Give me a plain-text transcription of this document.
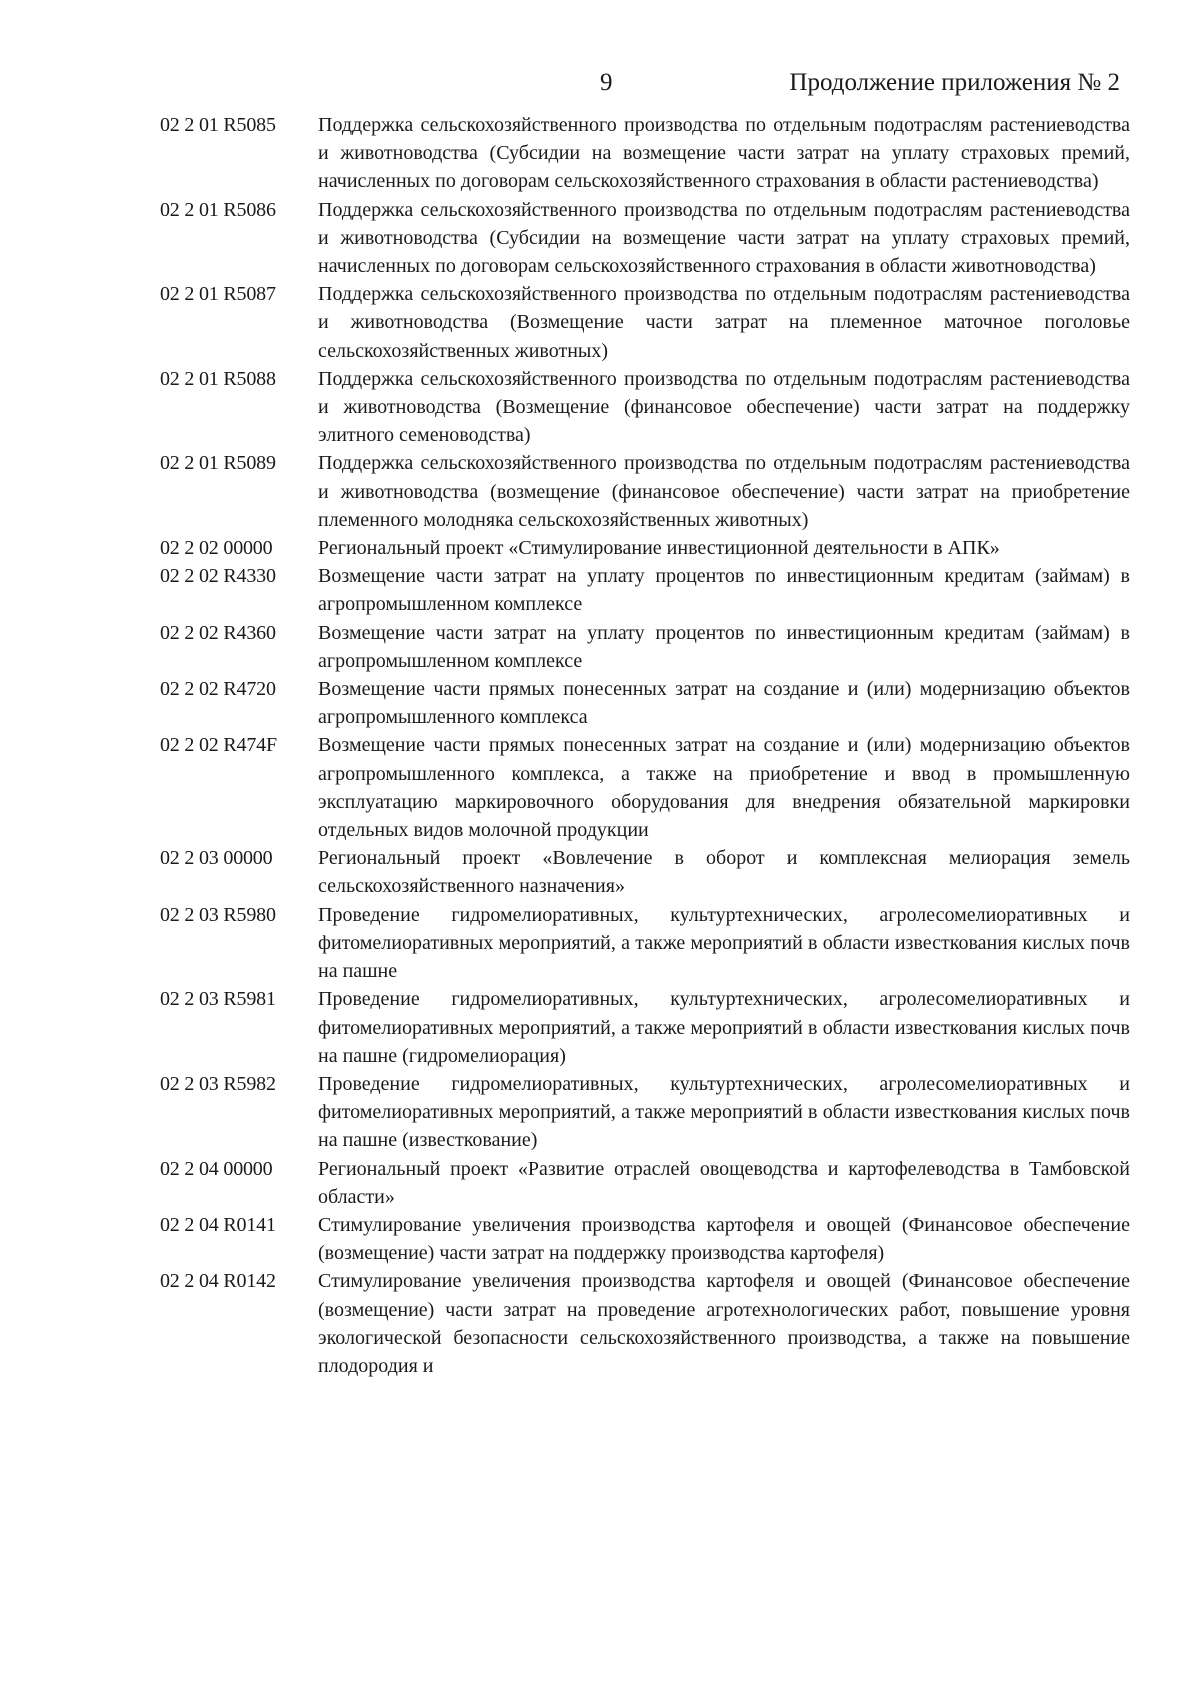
9	Продолжение приложения № 2
02 2 01 R5085	Поддержка сельскохозяйственного производства по отдельным подотраслям растениеводства и животноводства (Субсидии на возмещение части затрат на уплату страховых премий, начисленных по договорам сельскохозяйственного страхования в области растениеводства)
02 2 01 R5086	Поддержка сельскохозяйственного производства по отдельным подотраслям растениеводства и животноводства (Субсидии на возмещение части затрат на уплату страховых премий, начисленных по договорам сельскохозяйственного страхования в области животноводства)
02 2 01 R5087	Поддержка сельскохозяйственного производства по отдельным подотраслям растениеводства и животноводства (Возмещение части затрат на племенное маточное поголовье сельскохозяйственных животных)
02 2 01 R5088	Поддержка сельскохозяйственного производства по отдельным подотраслям растениеводства и животноводства (Возмещение (финансовое обеспечение) части затрат на поддержку элитного семеноводства)
02 2 01 R5089	Поддержка сельскохозяйственного производства по отдельным подотраслям растениеводства и животноводства (возмещение (финансовое обеспечение) части затрат на приобретение племенного молодняка сельскохозяйственных животных)
02 2 02 00000	Региональный проект «Стимулирование инвестиционной деятельности в АПК»
02 2 02 R4330	Возмещение части затрат на уплату процентов по инвестиционным кредитам (займам) в агропромышленном комплексе
02 2 02 R4360	Возмещение части затрат на уплату процентов по инвестиционным кредитам (займам) в агропромышленном комплексе
02 2 02 R4720	Возмещение части прямых понесенных затрат на создание и (или) модернизацию объектов агропромышленного комплекса
02 2 02 R474F	Возмещение части прямых понесенных затрат на создание и (или) модернизацию объектов агропромышленного комплекса, а также на приобретение и ввод в промышленную эксплуатацию маркировочного оборудования для внедрения обязательной маркировки отдельных видов молочной продукции
02 2 03 00000	Региональный проект «Вовлечение в оборот и комплексная мелиорация земель сельскохозяйственного назначения»
02 2 03 R5980	Проведение гидромелиоративных, культуртехнических, агролесомелиоративных и фитомелиоративных мероприятий, а также мероприятий в области известкования кислых почв на пашне
02 2 03 R5981	Проведение гидромелиоративных, культуртехнических, агролесомелиоративных и фитомелиоративных мероприятий, а также мероприятий в области известкования кислых почв на пашне (гидромелиорация)
02 2 03 R5982	Проведение гидромелиоративных, культуртехнических, агролесомелиоративных и фитомелиоративных мероприятий, а также мероприятий в области известкования кислых почв на пашне (известкование)
02 2 04 00000	Региональный проект «Развитие отраслей овощеводства и картофелеводства в Тамбовской области»
02 2 04 R0141	Стимулирование увеличения производства картофеля и овощей (Финансовое обеспечение (возмещение) части затрат на поддержку производства картофеля)
02 2 04 R0142	Стимулирование увеличения производства картофеля и овощей (Финансовое обеспечение (возмещение) части затрат на проведение агротехнологических работ, повышение уровня экологической безопасности сельскохозяйственного производства, а также на повышение плодородия и
